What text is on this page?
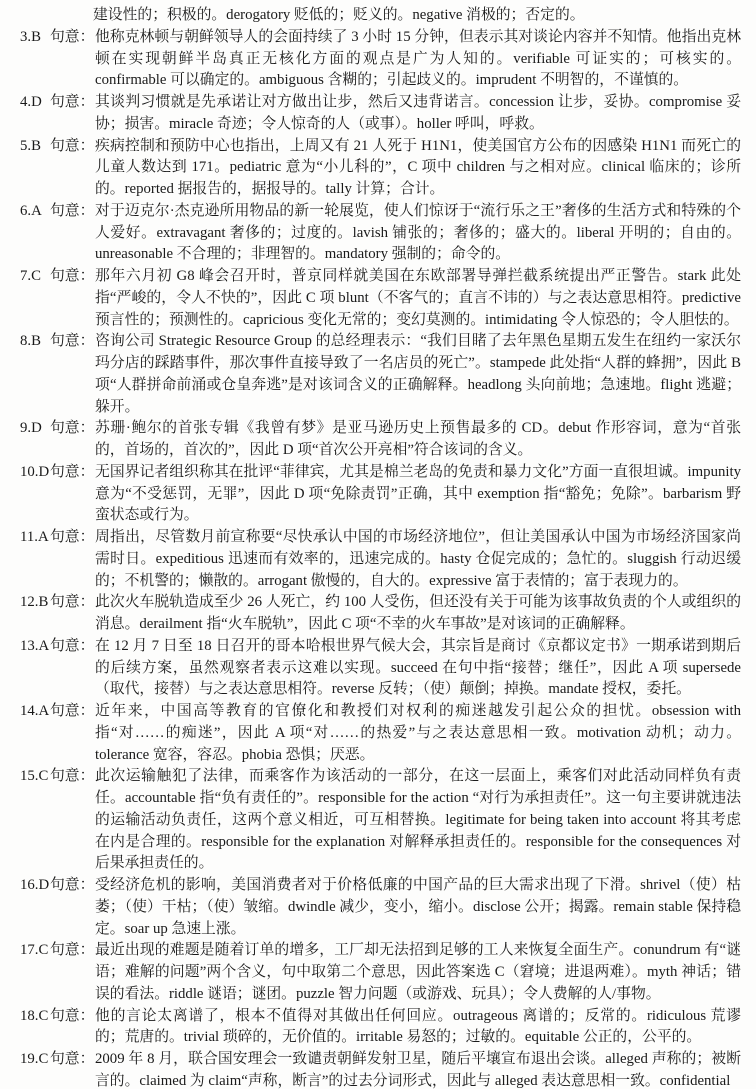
建设性的；积极的。derogatory 贬低的；贬义的。negative 消极的；否定的。

3.B 句意： 他称克林顿与朝鲜领导人的会面持续了 3 小时 15 分钟，但表示其对谈论内容并不知情。他指出克林顿在实现朝鲜半岛真正无核化方面的观点是广为人知的。verifiable 可证实的；可核实的。confirmable 可以确定的。ambiguous 含糊的；引起歧义的。imprudent 不明智的，不谨慎的。
4.D 句意： 其谈判习惯就是先承诺让对方做出让步，然后又违背诺言。concession 让步，妥协。compromise 妥协；损害。miracle 奇迹；令人惊奇的人（或事）。holler 呼叫，呼救。
5.B 句意： 疾病控制和预防中心也指出，上周又有 21 人死于 H1N1，使美国官方公布的因感染 H1N1 而死亡的儿童人数达到 171。pediatric 意为“小儿科的”，C 项中 children 与之相对应。clinical 临床的；诊所的。reported 据报告的，据报导的。tally 计算；合计。
6.A 句意： 对于迈克尔·杰克逊所用物品的新一轮展览，使人们惊讶于“流行乐之王”奢侈的生活方式和特殊的个人爱好。extravagant 奢侈的；过度的。lavish 铺张的；奢侈的；盛大的。liberal 开明的；自由的。unreasonable 不合理的；非理智的。mandatory 强制的；命令的。
7.C 句意： 那年六月初 G8 峰会召开时，普京同样就美国在东欧部署导弹拦截系统提出严正警告。stark 此处指“严峻的，令人不快的”，因此 C 项 blunt（不客气的；直言不讳的）与之表达意思相符。predictive 预言性的；预测性的。capricious 变化无常的；变幻莫测的。intimidating 令人惊恐的；令人胆怯的。
8.B 句意： 咨询公司 Strategic Resource Group 的总经理表示：“我们目睹了去年黑色星期五发生在纽约一家沃尔玛分店的踩踏事件，那次事件直接导致了一名店员的死亡”。stampede 此处指“人群的蜂拥”，因此 B 项“人群拼命前涌或仓皇奔逃”是对该词含义的正确解释。headlong 头向前地；急速地。flight 逃避；躲开。
9.D 句意： 苏珊·鲍尔的首张专辑《我曾有梦》是亚马逊历史上预售最多的 CD。debut 作形容词，意为“首张的，首场的，首次的”，因此 D 项“首次公开亮相”符合该词的含义。
10.D 句意： 无国界记者组织称其在批评“菲律宾，尤其是棉兰老岛的免责和暴力文化”方面一直很坦诚。impunity 意为“不受惩罚，无罪”，因此 D 项“免除责罚”正确，其中 exemption 指“豁免；免除”。barbarism 野蛮状态或行为。
11.A 句意： 周指出，尽管数月前宣称要“尽快承认中国的市场经济地位”，但让美国承认中国为市场经济国家尚需时日。expeditious 迅速而有效率的，迅速完成的。hasty 仓促完成的；急忙的。sluggish 行动迟缓的；不机警的；懒散的。arrogant 傲慢的，自大的。expressive 富于表情的；富于表现力的。
12.B 句意： 此次火车脱轨造成至少 26 人死亡，约 100 人受伤，但还没有关于可能为该事故负责的个人或组织的消息。derailment 指“火车脱轨”，因此 C 项“不幸的火车事故”是对该词的正确解释。
13.A 句意： 在 12 月 7 日至 18 日召开的哥本哈根世界气候大会，其宗旨是商讨《京都议定书》一期承诺到期后的后续方案，虽然观察者表示这难以实现。succeed 在句中指“接替；继任”，因此 A 项 supersede（取代，接替）与之表达意思相符。reverse 反转；（使）颠倒；掉换。mandate 授权，委托。
14.A 句意： 近年来，中国高等教育的官僚化和教授们对权利的痴迷越发引起公众的担忧。obsession with 指“对……的痴迷”，因此 A 项“对……的热爱”与之表达意思相一致。motivation 动机；动力。tolerance 宽容，容忍。phobia 恐惧；厌恶。
15.C 句意： 此次运输触犯了法律，而乘客作为该活动的一部分，在这一层面上，乘客们对此活动同样负有责任。accountable 指“负有责任的”。responsible for the action “对行为承担责任”。这一句主要讲就违法的运输活动负责任，这两个意义相近，可互相替换。legitimate for being taken into account 将其考虑在内是合理的。responsible for the explanation 对解释承担责任的。responsible for the consequences 对后果承担责任的。
16.D 句意： 受经济危机的影响，美国消费者对于价格低廉的中国产品的巨大需求出现了下滑。shrivel（使）枯萎；（使）干枯；（使）皱缩。dwindle 减少，变小，缩小。disclose 公开；揭露。remain stable 保持稳定。soar up 急速上涨。
17.C 句意： 最近出现的难题是随着订单的增多，工厂却无法招到足够的工人来恢复全面生产。conundrum 有“谜语；难解的问题”两个含义，句中取第二个意思，因此答案选 C（窘境；进退两难）。myth 神话；错误的看法。riddle 谜语；谜团。puzzle 智力问题（或游戏、玩具）；令人费解的人/事物。
18.C 句意： 他的言论太离谱了，根本不值得对其做出任何回应。outrageous 离谱的；反常的。ridiculous 荒谬的；荒唐的。trivial 琐碎的，无价值的。irritable 易怒的；过敏的。equitable 公正的，公平的。
19.C 句意： 2009 年 8 月，联合国安理会一致谴责朝鲜发射卫星，随后平壤宣布退出会谈。alleged 声称的；被断言的。claimed 为 claim“声称，断言”的过去分词形式，因此与 alleged 表达意思相一致。confidential
